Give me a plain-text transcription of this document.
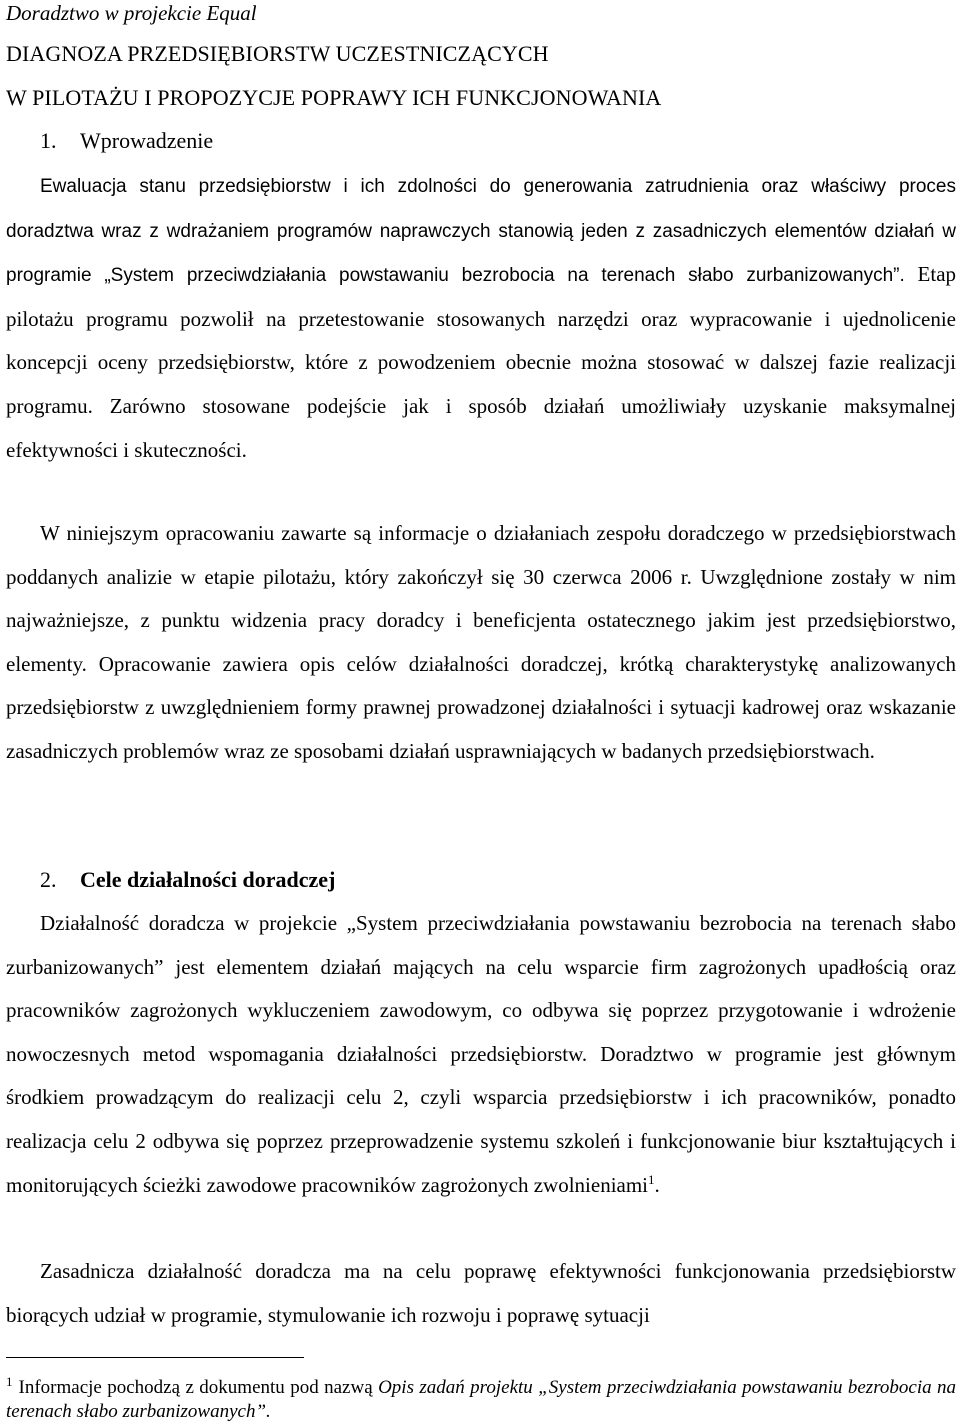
Doradztwo w projekcie Equal
DIAGNOZA PRZEDSIĘBIORSTW UCZESTNICZĄCYCH
W PILOTAŻU I PROPOZYCJE POPRAWY ICH FUNKCJONOWANIA
1. Wprowadzenie
Ewaluacja stanu przedsiębiorstw i ich zdolności do generowania zatrudnienia oraz właściwy proces doradztwa wraz z wdrażaniem programów naprawczych stanowią jeden z zasadniczych elementów działań w programie „System przeciwdziałania powstawaniu bezrobocia na terenach słabo zurbanizowanych”. Etap pilotażu programu pozwolił na przetestowanie stosowanych narzędzi oraz wypracowanie i ujednolicenie koncepcji oceny przedsiębiorstw, które z powodzeniem obecnie można stosować w dalszej fazie realizacji programu. Zarówno stosowane podejście jak i sposób działań umożliwiały uzyskanie maksymalnej efektywności i skuteczności.
W niniejszym opracowaniu zawarte są informacje o działaniach zespołu doradczego w przedsiębiorstwach poddanych analizie w etapie pilotażu, który zakończył się 30 czerwca 2006 r. Uwzględnione zostały w nim najważniejsze, z punktu widzenia pracy doradcy i beneficjenta ostatecznego jakim jest przedsiębiorstwo, elementy. Opracowanie zawiera opis celów działalności doradczej, krótką charakterystykę analizowanych przedsiębiorstw z uwzględnieniem formy prawnej prowadzonej działalności i sytuacji kadrowej oraz wskazanie zasadniczych problemów wraz ze sposobami działań usprawniających w badanych przedsiębiorstwach.
2. Cele działalności doradczej
Działalność doradcza w projekcie „System przeciwdziałania powstawaniu bezrobocia na terenach słabo zurbanizowanych” jest elementem działań mających na celu wsparcie firm zagrożonych upadłością oraz pracowników zagrożonych wykluczeniem zawodowym, co odbywa się poprzez przygotowanie i wdrożenie nowoczesnych metod wspomagania działalności przedsiębiorstw. Doradztwo w programie jest głównym środkiem prowadzącym do realizacji celu 2, czyli wsparcia przedsiębiorstw i ich pracowników, ponadto realizacja celu 2 odbywa się poprzez przeprowadzenie systemu szkoleń i funkcjonowanie biur kształtujących i monitorujących ścieżki zawodowe pracowników zagrożonych zwolnieniami$^1$.
Zasadnicza działalność doradcza ma na celu poprawę efektywności funkcjonowania przedsiębiorstw biorących udział w programie, stymulowanie ich rozwoju i poprawę sytuacji
$^1$ Informacje pochodzą z dokumentu pod nazwą Opis zadań projektu „System przeciwdziałania powstawaniu bezrobocia na terenach słabo zurbanizowanych”.
